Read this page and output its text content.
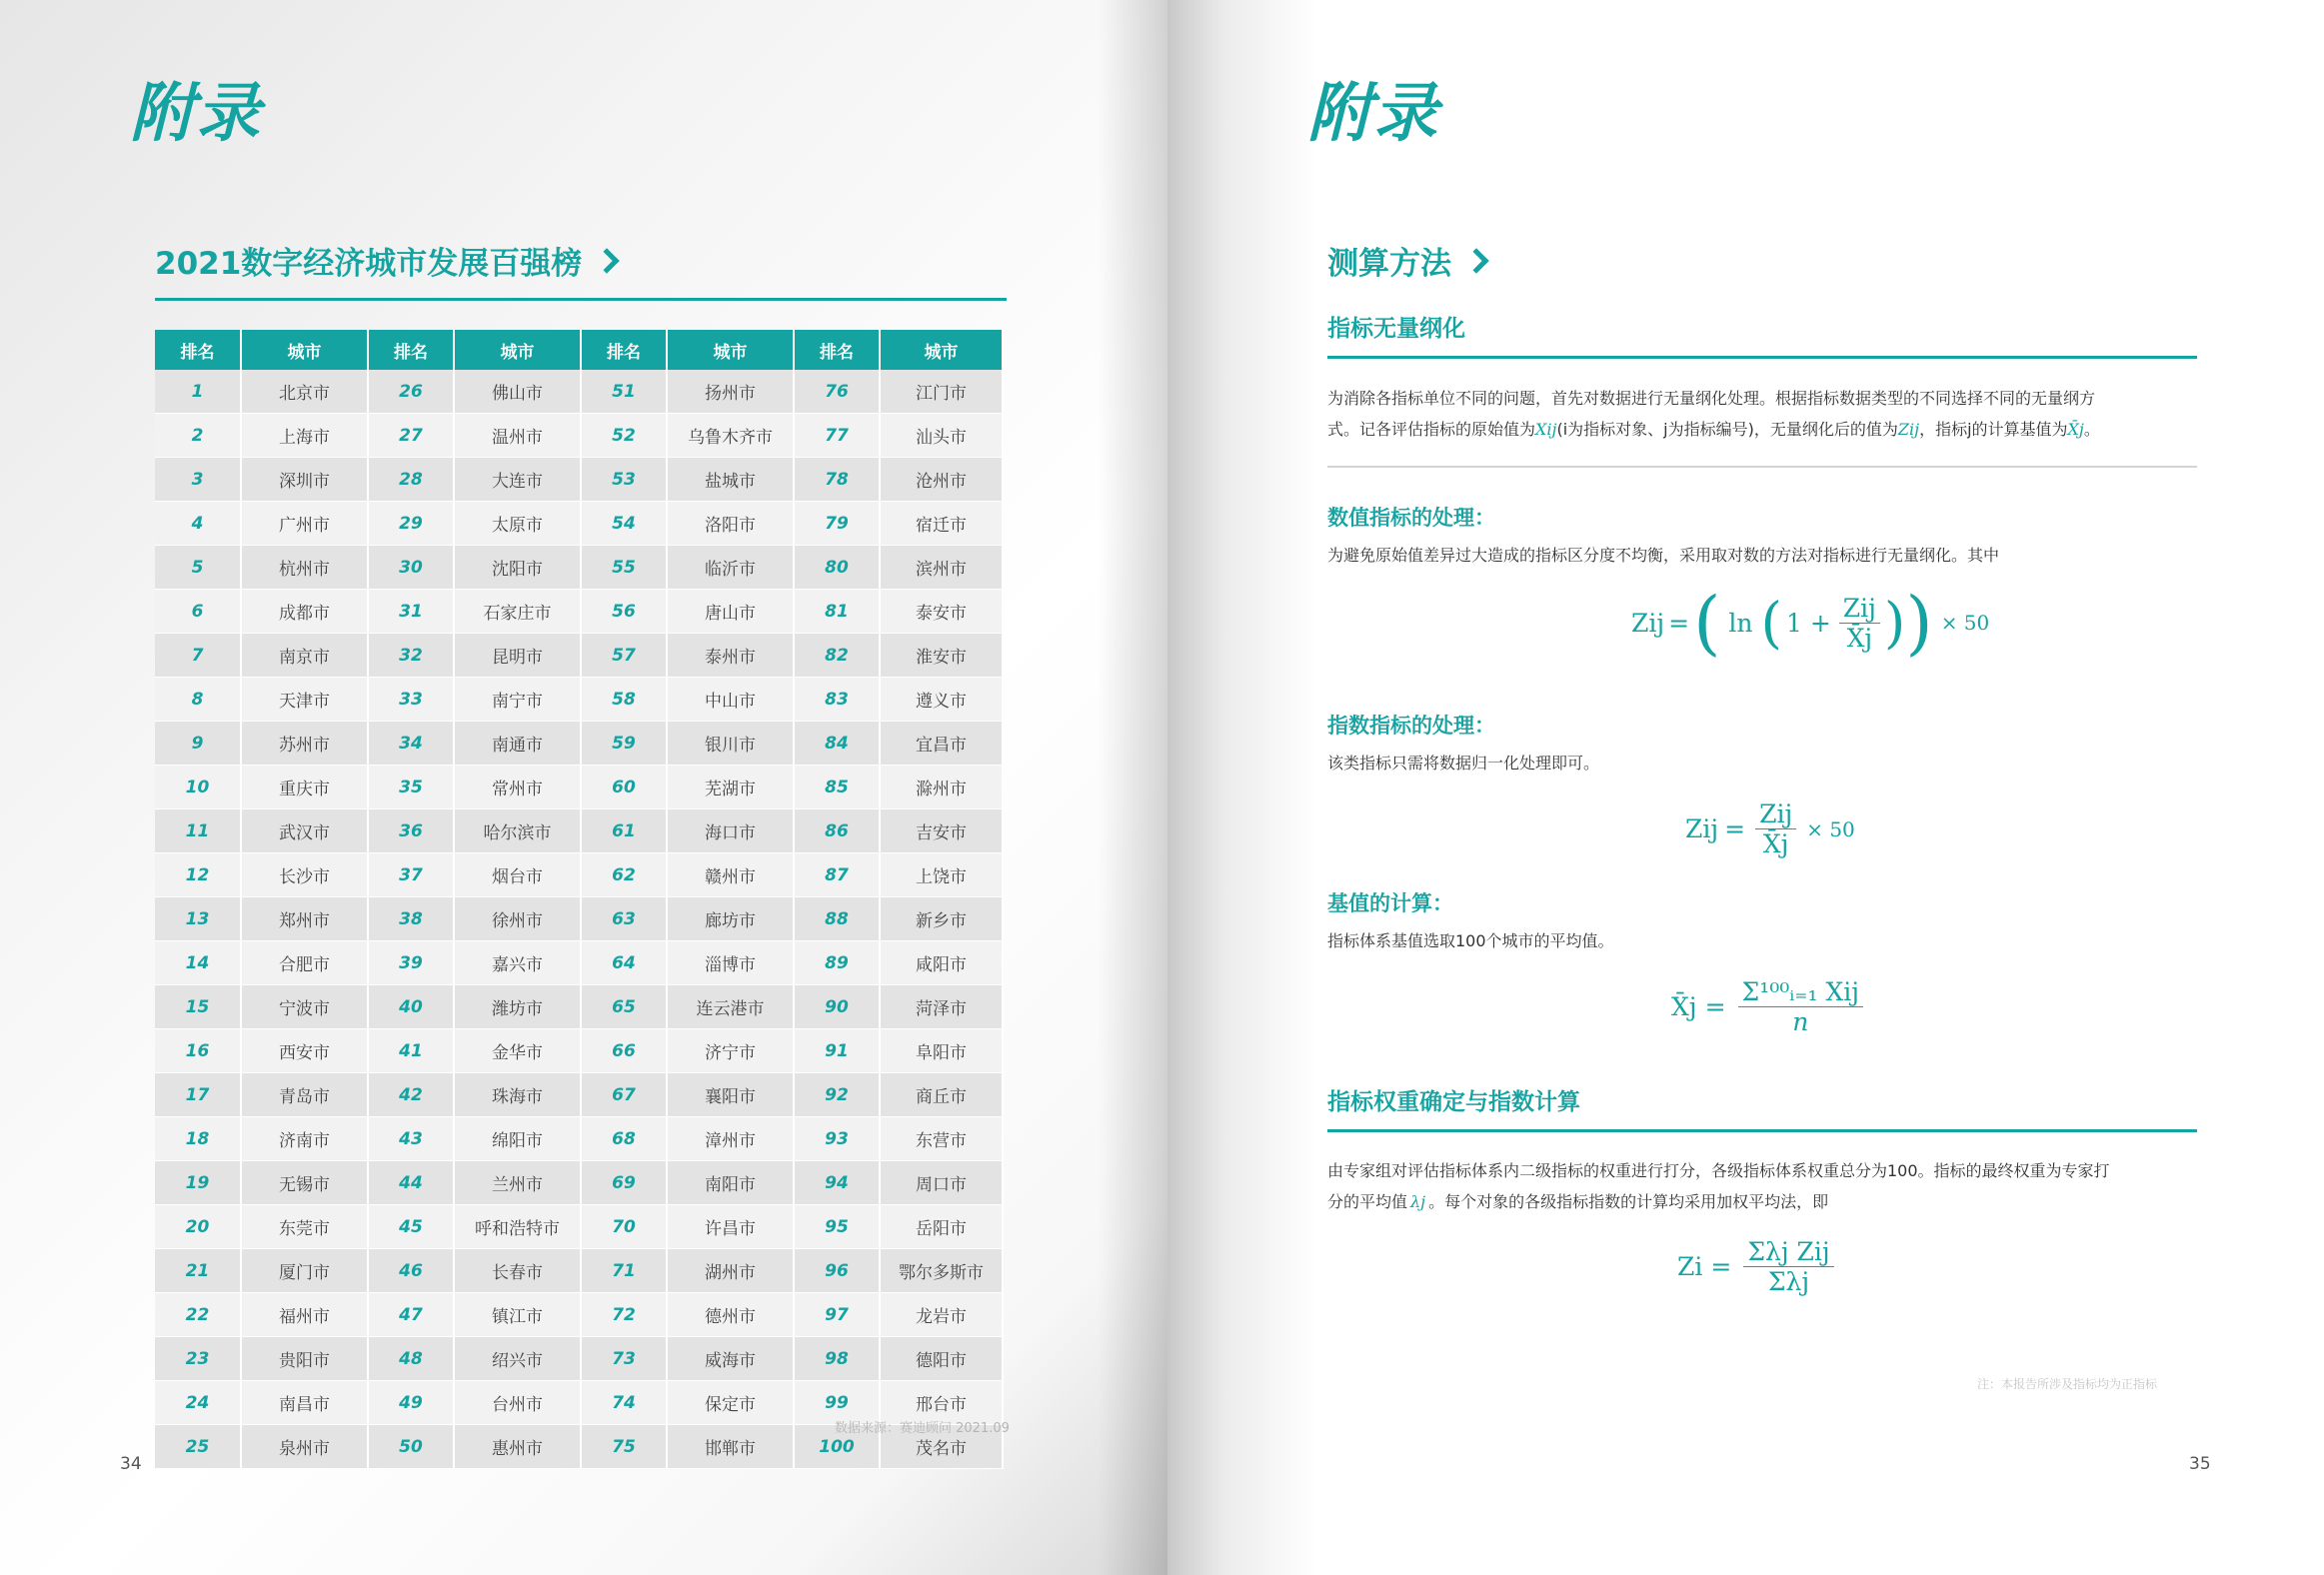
附录
2021数字经济城市发展百强榜
排名	城市	排名	城市	排名	城市	排名	城市
1	北京市	26	佛山市	51	扬州市	76	江门市
2	上海市	27	温州市	52	乌鲁木齐市	77	汕头市
3	深圳市	28	大连市	53	盐城市	78	沧州市
4	广州市	29	太原市	54	洛阳市	79	宿迁市
5	杭州市	30	沈阳市	55	临沂市	80	滨州市
6	成都市	31	石家庄市	56	唐山市	81	泰安市
7	南京市	32	昆明市	57	泰州市	82	淮安市
8	天津市	33	南宁市	58	中山市	83	遵义市
9	苏州市	34	南通市	59	银川市	84	宜昌市
10	重庆市	35	常州市	60	芜湖市	85	滁州市
11	武汉市	36	哈尔滨市	61	海口市	86	吉安市
12	长沙市	37	烟台市	62	赣州市	87	上饶市
13	郑州市	38	徐州市	63	廊坊市	88	新乡市
14	合肥市	39	嘉兴市	64	淄博市	89	咸阳市
15	宁波市	40	潍坊市	65	连云港市	90	菏泽市
16	西安市	41	金华市	66	济宁市	91	阜阳市
17	青岛市	42	珠海市	67	襄阳市	92	商丘市
18	济南市	43	绵阳市	68	漳州市	93	东营市
19	无锡市	44	兰州市	69	南阳市	94	周口市
20	东莞市	45	呼和浩特市	70	许昌市	95	岳阳市
21	厦门市	46	长春市	71	湖州市	96	鄂尔多斯市
22	福州市	47	镇江市	72	德州市	97	龙岩市
23	贵阳市	48	绍兴市	73	威海市	98	德阳市
24	南昌市	49	台州市	74	保定市	99	邢台市
25	泉州市	50	惠州市	75	邯郸市	100	茂名市
数据来源：赛迪顾问 2021.09
34
附录
测算方法
指标无量纲化
为消除各指标单位不同的问题，首先对数据进行无量纲化处理。根据指标数据类型的不同选择不同的无量纲方
式。记各评估指标的原始值为Xij(i为指标对象、j为指标编号)，无量纲化后的值为Zij，指标j的计算基值为X̄j。
数值指标的处理：
为避免原始值差异过大造成的指标区分度不均衡，采用取对数的方法对指标进行无量纲化。其中
Zij = ( ln ( $1 + \frac{\text{Zij}}{X̄j}$ ) ) × 50
指数指标的处理：
该类指标只需将数据归一化处理即可。
Zij = $\frac{\text{Zij}}{X̄j} \times 50$
基值的计算：
指标体系基值选取100个城市的平均值。
X̄j = $\frac{\text{Σ¹⁰⁰ᵢ₌₁ Xij}}{n}$
指标权重确定与指数计算
由专家组对评估指标体系内二级指标的权重进行打分，各级指标体系权重总分为100。指标的最终权重为专家打
分的平均值 λj 。每个对象的各级指标指数的计算均采用加权平均法，即
$Zi = \frac{\text{Σλj Zij}}{\text{Σλj}}$
注：本报告所涉及指标均为正指标
35
